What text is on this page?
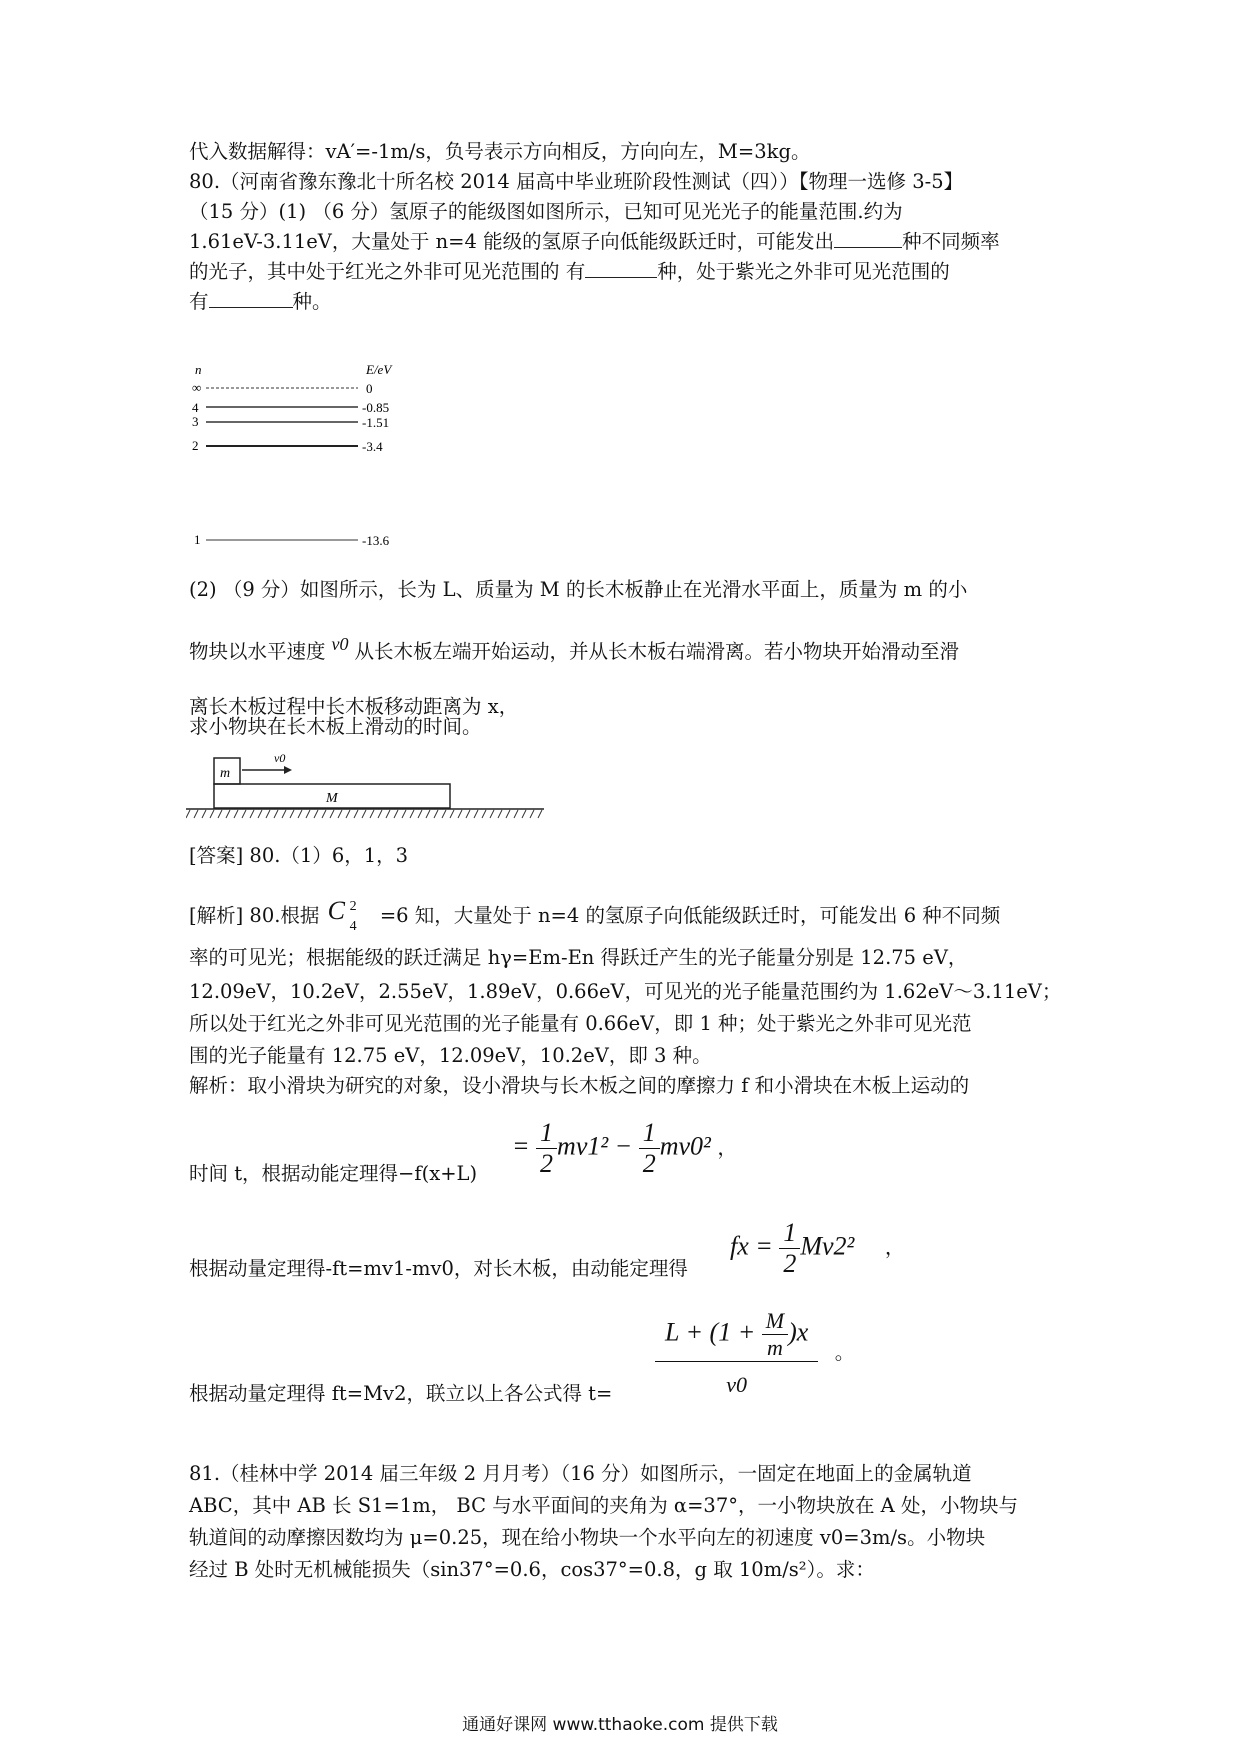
代入数据解得：vA′=-1m/s，负号表示方向相反，方向向左，M=3kg。
80.（河南省豫东豫北十所名校 2014 届高中毕业班阶段性测试（四））【物理一选修 3-5】
（15 分）(1) （6 分）氢原子的能级图如图所示，已知可见光光子的能量范围.约为
1.61eV-3.11eV，大量处于 n=4 能级的氢原子向低能级跃迁时，可能发出	种不同频率
的光子，其中处于红光之外非可见光范围的 有	种，处于紫光之外非可见光范围的
有	种。
n	E/eV
∞	0
4	-0.85
3	-1.51
2	-3.4
1	-13.6
(2) （9 分）如图所示，长为 L、质量为 M 的长木板静止在光滑水平面上，质量为 m 的小
物块以水平速度 v0 从长木板左端开始运动，并从长木板右端滑离。若小物块开始滑动至滑
离长木板过程中长木板移动距离为 x，
求小物块在长木板上滑动的时间。
m
v0
M
[答案] 80.（1）6，1，3
[解析] 80.根据 C 2
4 =6 知，大量处于 n=4 的氢原子向低能级跃迁时，可能发出 6 种不同频
率的可见光；根据能级的跃迁满足 hγ=Em-En 得跃迁产生的光子能量分别是 12.75 eV，
12.09eV，10.2eV，2.55eV，1.89eV，0.66eV，可见光的光子能量范围约为 1.62eV～3.11eV；
所以处于红光之外非可见光范围的光子能量有 0.66eV，即 1 种；处于紫光之外非可见光范
围的光子能量有 12.75 eV，12.09eV，10.2eV，即 3 种。
解析：取小滑块为研究的对象，设小滑块与长木板之间的摩擦力 f 和小滑块在木板上运动的
时间 t，根据动能定理得−f(x+L)
= $\frac{1}{2} mv1^2 - \frac{1}{2} mv0^2$ ，
根据动量定理得-ft=mv1-mv0，对长木板，由动能定理得
fx = $\frac{1}{2} Mv2^2$ ，
根据动量定理得 ft=Mv2，联立以上各公式得 $t= \frac{L + (1 + \frac{M}{m} )x}{v0}$ 。
81.（桂林中学 2014 届三年级 2 月月考）（16 分）如图所示，一固定在地面上的金属轨道
ABC，其中 AB 长 S1=1m， BC 与水平面间的夹角为 α=37°，一小物块放在 A 处，小物块与
轨道间的动摩擦因数均为 μ=0.25，现在给小物块一个水平向左的初速度 v0=3m/s。小物块
经过 B 处时无机械能损失（sin37°=0.6，cos37°=0.8，g 取 10m/s²）。求：
通通好课网 www.tthaoke.com 提供下载
